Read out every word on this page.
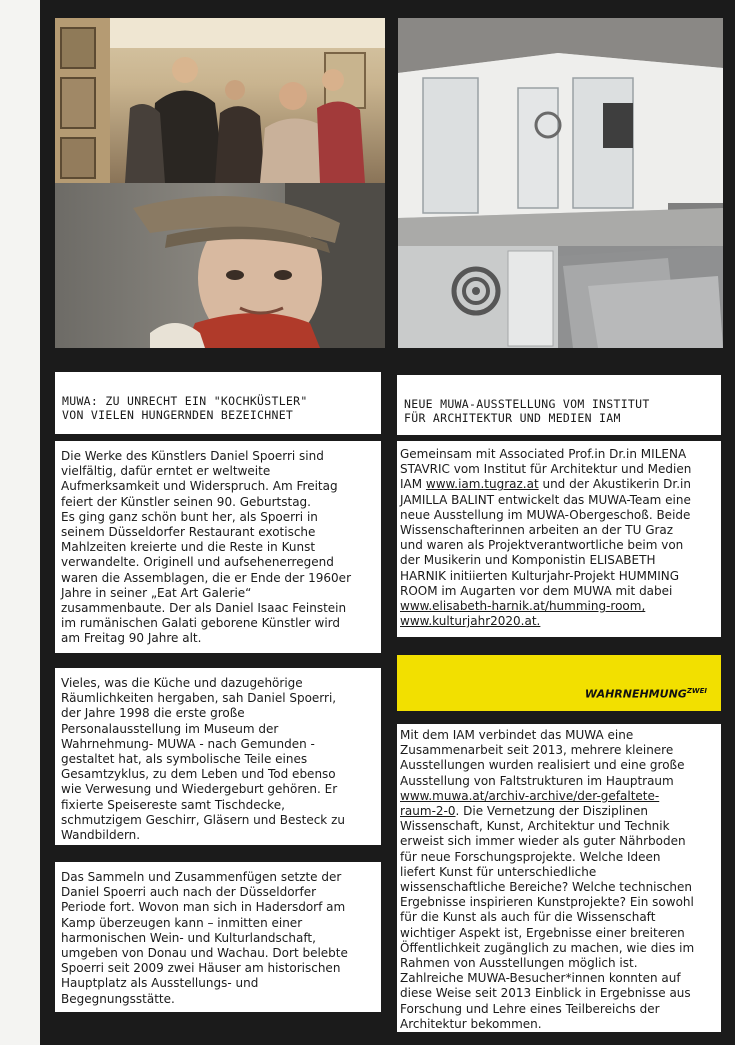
MUWA: ZU UNRECHT EIN "KOCHKÜSTLER"

VON VIELEN HUNGERNDEN BEZEICHNET

Die Werke des Künstlers Daniel Spoerri sind

vielfältig, dafür erntet er weltweite

Aufmerksamkeit und Widerspruch. Am Freitag

feiert der Künstler seinen 90. Geburtstag.

Es ging ganz schön bunt her, als Spoerri in

seinem Düsseldorfer Restaurant exotische

Mahlzeiten kreierte und die Reste in Kunst

verwandelte. Originell und aufsehenerregend

waren die Assemblagen, die er Ende der 1960er

Jahre in seiner „Eat Art Galerie“

zusammenbaute. Der als Daniel Isaac Feinstein

im rumänischen Galati geborene Künstler wird

am Freitag 90 Jahre alt.

Vieles, was die Küche und dazugehörige

Räumlichkeiten hergaben, sah Daniel Spoerri,

der Jahre 1998 die erste große

Personalausstellung im Museum der

Wahrnehmung- MUWA - nach Gemunden -

gestaltet hat, als symbolische Teile eines

Gesamtzyklus, zu dem Leben und Tod ebenso

wie Verwesung und Wiedergeburt gehören. Er

fixierte Speisereste samt Tischdecke,

schmutzigem Geschirr, Gläsern und Besteck zu

Wandbildern.

Das Sammeln und Zusammenfügen setzte der

Daniel Spoerri auch nach der Düsseldorfer

Periode fort. Wovon man sich in Hadersdorf am

Kamp überzeugen kann – inmitten einer

harmonischen Wein- und Kulturlandschaft,

umgeben von Donau und Wachau. Dort belebte

Spoerri seit 2009 zwei Häuser am historischen

Hauptplatz als Ausstellungs- und

Begegnungsstätte.

NEUE MUWA-AUSSTELLUNG VOM INSTITUT

FÜR ARCHITEKTUR UND MEDIEN IAM

Gemeinsam mit Associated Prof.in Dr.in MILENA

STAVRIC vom Institut für Architektur und Medien

IAM www.iam.tugraz.at und der Akustikerin Dr.in

JAMILLA BALINT entwickelt das MUWA-Team eine

neue Ausstellung im MUWA-Obergeschoß. Beide

Wissenschafterinnen arbeiten an der TU Graz

und waren als Projektverantwortliche beim von

der Musikerin und Komponistin ELISABETH

HARNIK initiierten Kulturjahr-Projekt HUMMING

ROOM im Augarten vor dem MUWA mit dabei

www.elisabeth-harnik.at/humming-room,

www.kulturjahr2020.at.

$WAHRNEHMUNG^{ZWEI}$

Mit dem IAM verbindet das MUWA eine

Zusammenarbeit seit 2013, mehrere kleinere

Ausstellungen wurden realisiert und eine große

Ausstellung von Faltstrukturen im Hauptraum

www.muwa.at/archiv-archive/der-gefaltete-

raum-2-0. Die Vernetzung der Disziplinen

Wissenschaft, Kunst, Architektur und Technik

erweist sich immer wieder als guter Nährboden

für neue Forschungsprojekte. Welche Ideen

liefert Kunst für unterschiedliche

wissenschaftliche Bereiche? Welche technischen

Ergebnisse inspirieren Kunstprojekte? Ein sowohl

für die Kunst als auch für die Wissenschaft

wichtiger Aspekt ist, Ergebnisse einer breiteren

Öffentlichkeit zugänglich zu machen, wie dies im

Rahmen von Ausstellungen möglich ist.

Zahlreiche MUWA-Besucher*innen konnten auf

diese Weise seit 2013 Einblick in Ergebnisse aus

Forschung und Lehre eines Teilbereichs der

Architektur bekommen.
